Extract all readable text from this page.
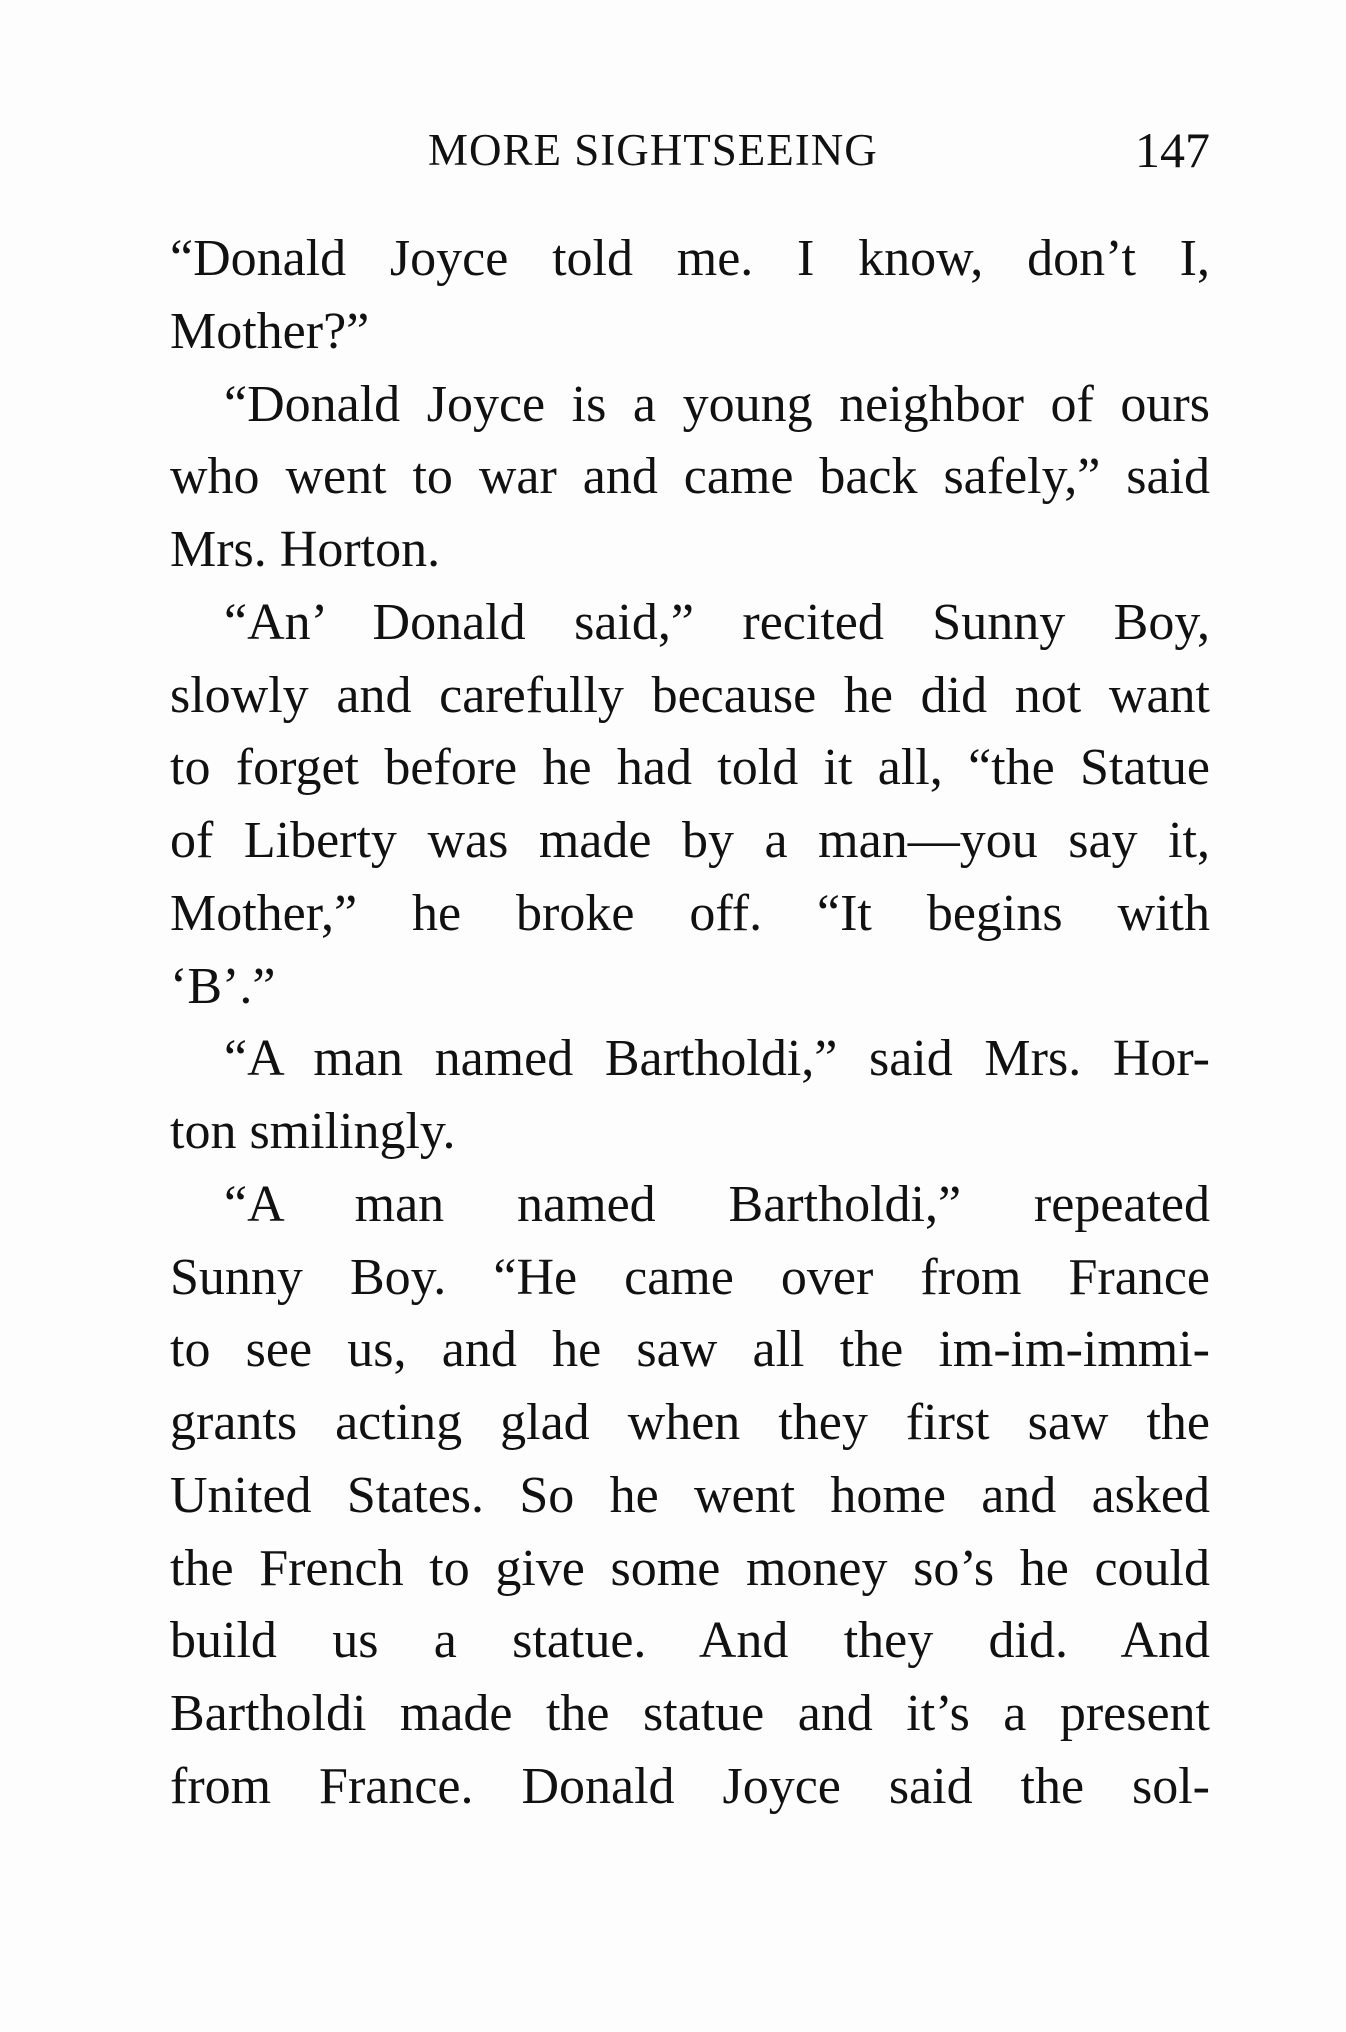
MORE SIGHTSEEING	147
“Donald Joyce told me. I know, don’t I,
Mother?”
“Donald Joyce is a young neighbor of ours
who went to war and came back safely,” said
Mrs. Horton.
“An’ Donald said,” recited Sunny Boy,
slowly and carefully because he did not want
to forget before he had told it all, “the Statue
of Liberty was made by a man—you say it,
Mother,” he broke off. “It begins with
‘B’.”
“A man named Bartholdi,” said Mrs. Hor-
ton smilingly.
“A man named Bartholdi,” repeated
Sunny Boy. “He came over from France
to see us, and he saw all the im-im-immi-
grants acting glad when they first saw the
United States. So he went home and asked
the French to give some money so’s he could
build us a statue. And they did. And
Bartholdi made the statue and it’s a present
from France. Donald Joyce said the sol-
